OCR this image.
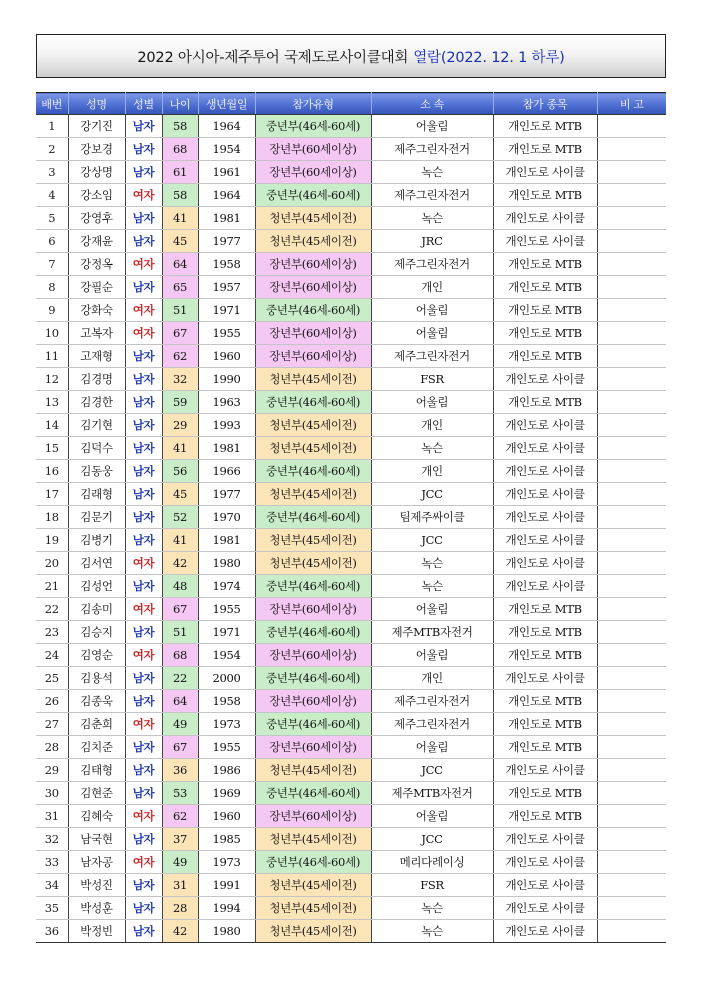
2022 아시아-제주투어 국제도로사이클대회 열람(2022. 12. 1 하루)
배번	성명	성별	나이	생년월일	참가유형	소 속	참가 종목	비 고
1	강기진	남자	58	1964	중년부(46세-60세)	어울림	개인도로 MTB	
2	강보경	남자	68	1954	장년부(60세이상)	제주그린자전거	개인도로 MTB	
3	강상명	남자	61	1961	장년부(60세이상)	녹슨	개인도로 사이클	
4	강소임	여자	58	1964	중년부(46세-60세)	제주그린자전거	개인도로 MTB	
5	강영후	남자	41	1981	청년부(45세이전)	녹슨	개인도로 사이클	
6	강재윤	남자	45	1977	청년부(45세이전)	JRC	개인도로 사이클	
7	강정옥	여자	64	1958	장년부(60세이상)	제주그린자전거	개인도로 MTB	
8	강필순	남자	65	1957	장년부(60세이상)	개인	개인도로 MTB	
9	강화숙	여자	51	1971	중년부(46세-60세)	어울림	개인도로 MTB	
10	고복자	여자	67	1955	장년부(60세이상)	어울림	개인도로 MTB	
11	고재형	남자	62	1960	장년부(60세이상)	제주그린자전거	개인도로 MTB	
12	김경명	남자	32	1990	청년부(45세이전)	FSR	개인도로 사이클	
13	김경한	남자	59	1963	중년부(46세-60세)	어울림	개인도로 MTB	
14	김기현	남자	29	1993	청년부(45세이전)	개인	개인도로 사이클	
15	김덕수	남자	41	1981	청년부(45세이전)	녹슨	개인도로 사이클	
16	김동웅	남자	56	1966	중년부(46세-60세)	개인	개인도로 사이클	
17	김래형	남자	45	1977	청년부(45세이전)	JCC	개인도로 사이클	
18	김문기	남자	52	1970	중년부(46세-60세)	팀제주싸이클	개인도로 사이클	
19	김병기	남자	41	1981	청년부(45세이전)	JCC	개인도로 사이클	
20	김서연	여자	42	1980	청년부(45세이전)	녹슨	개인도로 사이클	
21	김성언	남자	48	1974	중년부(46세-60세)	녹슨	개인도로 사이클	
22	김송미	여자	67	1955	장년부(60세이상)	어울림	개인도로 MTB	
23	김승지	남자	51	1971	중년부(46세-60세)	제주MTB자전거	개인도로 MTB	
24	김영순	여자	68	1954	장년부(60세이상)	어울림	개인도로 MTB	
25	김용석	남자	22	2000	중년부(46세-60세)	개인	개인도로 사이클	
26	김종욱	남자	64	1958	장년부(60세이상)	제주그린자전거	개인도로 MTB	
27	김춘희	여자	49	1973	중년부(46세-60세)	제주그린자전거	개인도로 MTB	
28	김치준	남자	67	1955	장년부(60세이상)	어울림	개인도로 MTB	
29	김태형	남자	36	1986	청년부(45세이전)	JCC	개인도로 사이클	
30	김현준	남자	53	1969	중년부(46세-60세)	제주MTB자전거	개인도로 MTB	
31	김혜숙	여자	62	1960	장년부(60세이상)	어울림	개인도로 MTB	
32	남국현	남자	37	1985	청년부(45세이전)	JCC	개인도로 사이클	
33	남자공	여자	49	1973	중년부(46세-60세)	메리다레이싱	개인도로 사이클	
34	박성진	남자	31	1991	청년부(45세이전)	FSR	개인도로 사이클	
35	박성훈	남자	28	1994	청년부(45세이전)	녹슨	개인도로 사이클	
36	박정빈	남자	42	1980	청년부(45세이전)	녹슨	개인도로 사이클	
